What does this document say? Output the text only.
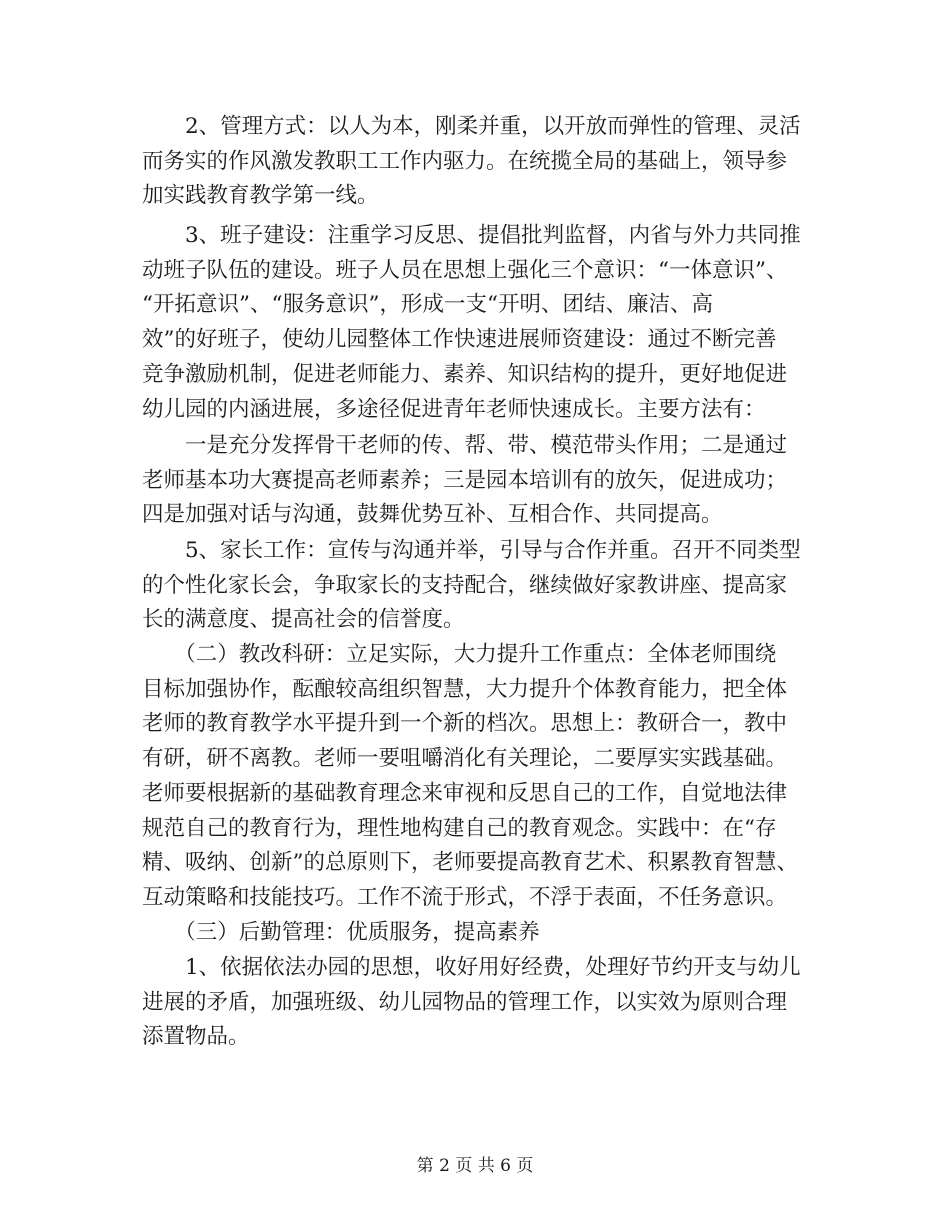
　　2、管理方式：以人为本，刚柔并重，以开放而弹性的管理、灵活
而务实的作风激发教职工工作内驱力。在统揽全局的基础上，领导参
加实践教育教学第一线。

　　3、班子建设：注重学习反思、提倡批判监督，内省与外力共同推
动班子队伍的建设。班子人员在思想上强化三个意识：“一体意识”、
“开拓意识”、“服务意识”，形成一支“开明、团结、廉洁、高
效”的好班子，使幼儿园整体工作快速进展师资建设：通过不断完善
竞争激励机制，促进老师能力、素养、知识结构的提升，更好地促进
幼儿园的内涵进展，多途径促进青年老师快速成长。主要方法有：

　　一是充分发挥骨干老师的传、帮、带、模范带头作用；二是通过
老师基本功大赛提高老师素养；三是园本培训有的放矢，促进成功；
四是加强对话与沟通，鼓舞优势互补、互相合作、共同提高。

　　5、家长工作：宣传与沟通并举，引导与合作并重。召开不同类型
的个性化家长会，争取家长的支持配合，继续做好家教讲座、提高家
长的满意度、提高社会的信誉度。

　　（二）教改科研：立足实际，大力提升工作重点：全体老师围绕
目标加强协作，酝酿较高组织智慧，大力提升个体教育能力，把全体
老师的教育教学水平提升到一个新的档次。思想上：教研合一，教中
有研，研不离教。老师一要咀嚼消化有关理论，二要厚实实践基础。
老师要根据新的基础教育理念来审视和反思自己的工作，自觉地法律
规范自己的教育行为，理性地构建自己的教育观念。实践中：在“存
精、吸纳、创新”的总原则下，老师要提高教育艺术、积累教育智慧、
互动策略和技能技巧。工作不流于形式，不浮于表面，不任务意识。

　　（三）后勤管理：优质服务，提高素养

　　1、依据依法办园的思想，收好用好经费，处理好节约开支与幼儿
进展的矛盾，加强班级、幼儿园物品的管理工作，以实效为原则合理
添置物品。

第 2 页 共 6 页
